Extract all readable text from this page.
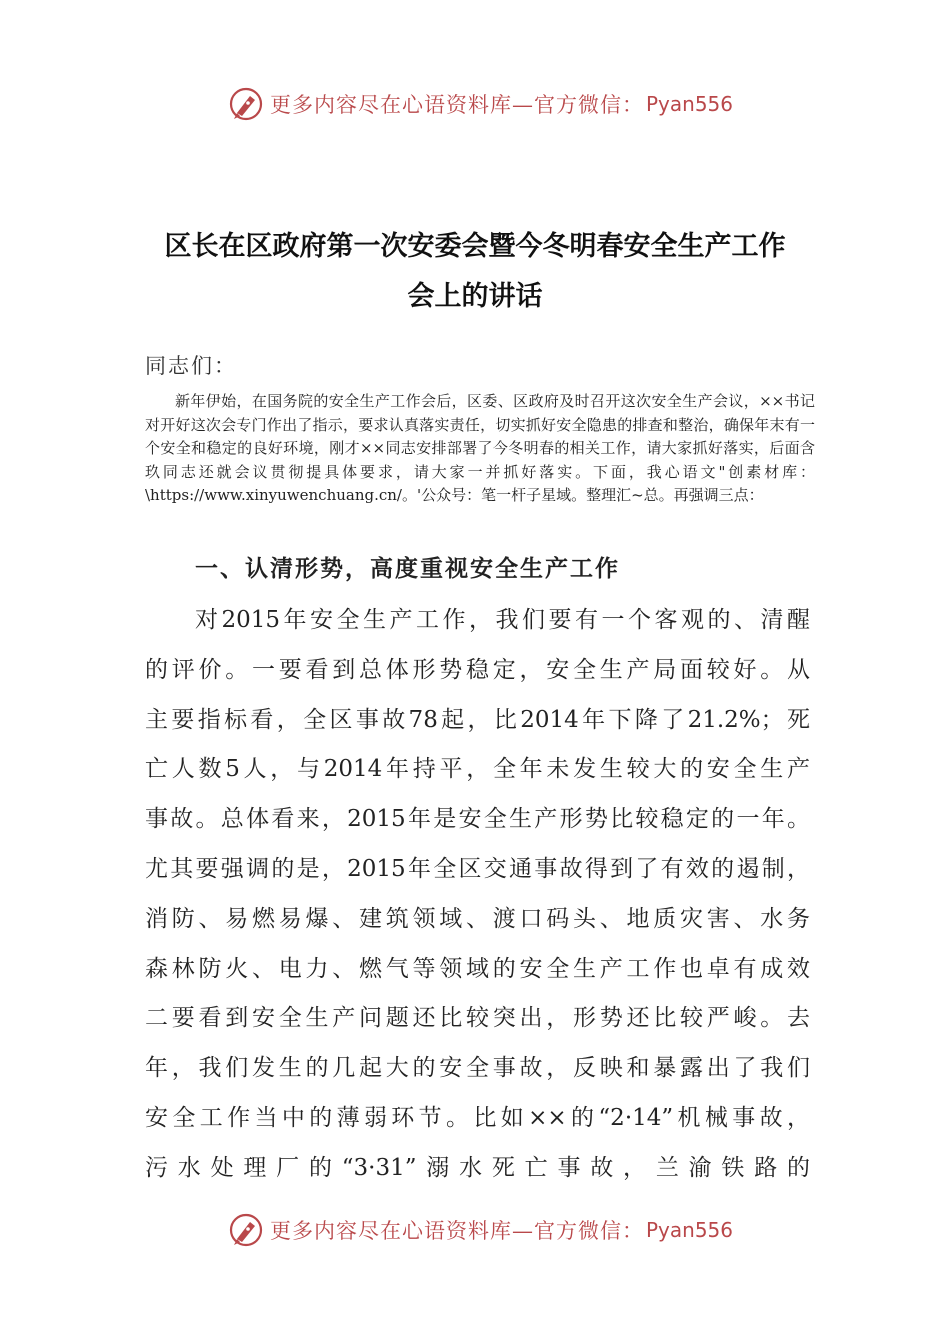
更多内容尽在心语资料库—官方微信： Pyan556
区长在区政府第一次安委会暨今冬明春安全生产工作
会上的讲话
同志们：

新年伊始，在国务院的安全生产工作会后，区委、区政府及时召开这次安全生产会议，××书记对开好这次会专门作出了指示，要求认真落实责任，切实抓好安全隐患的排查和整治，确保年末有一个安全和稳定的良好环境，刚才××同志安排部署了今冬明春的相关工作，请大家抓好落实，后面含玖同志还就会议贯彻提具体要求，请大家一并抓好落实。下面，我心语文"创素材库：\https://www.xinyuwenchuang.cn/。'公众号：笔一杆子星域。整理汇~总。再强调三点：

一、认清形势，高度重视安全生产工作
对2015年安全生产工作，我们要有一个客观的、清醒
的评价。一要看到总体形势稳定，安全生产局面较好。从
主要指标看，全区事故78起，比2014年下降了21.2%；死
亡人数5人，与2014年持平，全年未发生较大的安全生产
事故。总体看来，2015年是安全生产形势比较稳定的一年。
尤其要强调的是，2015年全区交通事故得到了有效的遏制，
消防、易燃易爆、建筑领域、渡口码头、地质灾害、水务
森林防火、电力、燃气等领域的安全生产工作也卓有成效
二要看到安全生产问题还比较突出，形势还比较严峻。去
年，我们发生的几起大的安全事故，反映和暴露出了我们
安全工作当中的薄弱环节。比如××的“2·14”机械事故，
污水处理厂的“3·31”溺水死亡事故，兰渝铁路的
更多内容尽在心语资料库—官方微信： Pyan556
